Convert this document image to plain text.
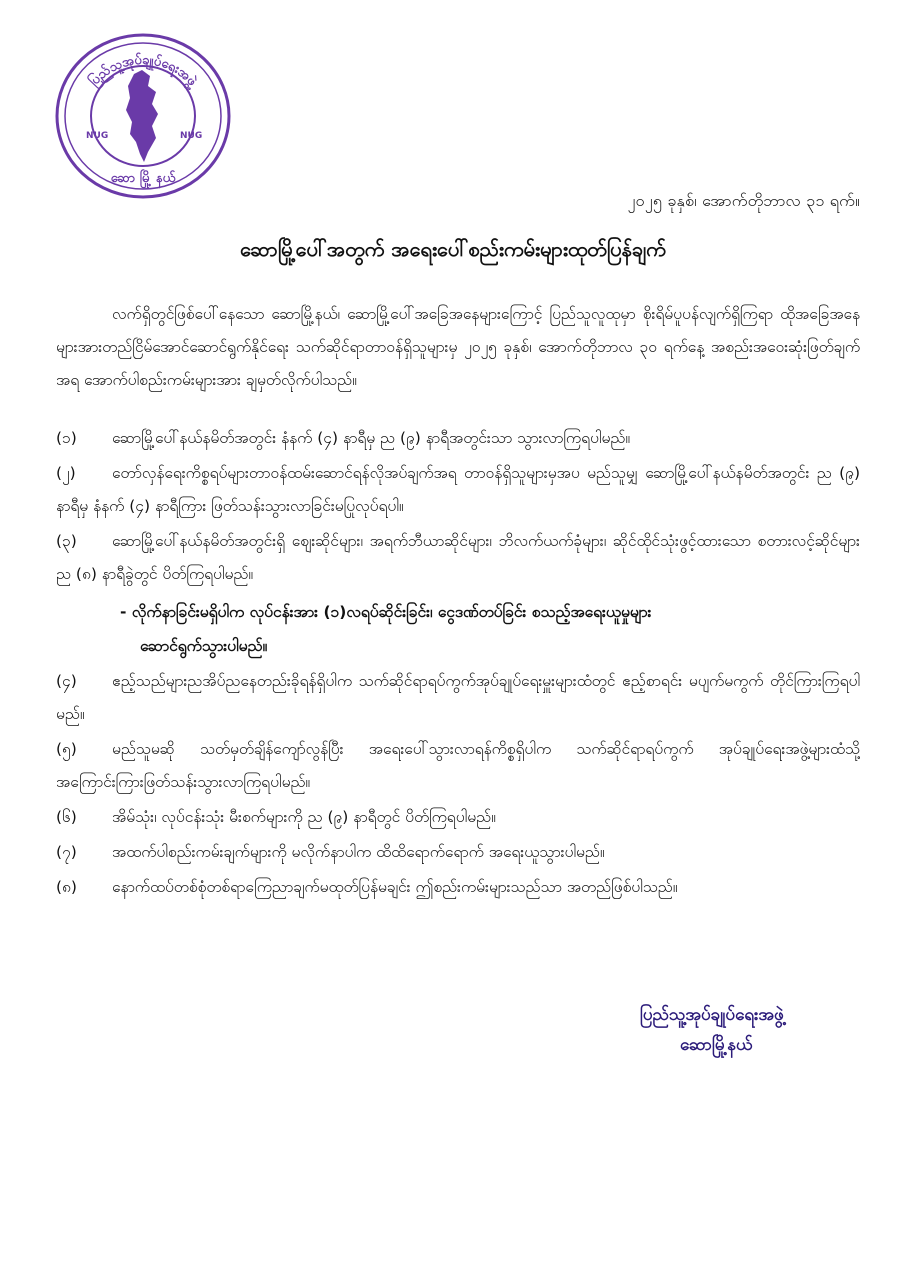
ပြည်သူ့အုပ်ချုပ်ရေးအဖွဲ့
NUG	NUG
ဆော မြို့ နယ်
၂၀၂၅ ခုနှစ်၊ အောက်တိုဘာလ ၃၁ ရက်။
ဆောမြို့ပေါ်အတွက် အရေးပေါ်စည်းကမ်းများထုတ်ပြန်ချက်

လက်ရှိတွင်ဖြစ်ပေါ်နေသော ဆောမြို့နယ်၊ ဆောမြို့ပေါ်အခြေအနေများကြောင့် ပြည်သူလူထုမှာ စိုးရိမ်ပူပန်လျက်ရှိကြရာ ထိုအခြေအနေများအားတည်ငြိမ်အောင်ဆောင်ရွက်နိုင်ရေး သက်ဆိုင်ရာတာဝန်ရှိသူများမှ ၂၀၂၅ ခုနှစ်၊ အောက်တိုဘာလ ၃၀ ရက်နေ့ အစည်းအဝေးဆုံးဖြတ်ချက်အရ အောက်ပါစည်းကမ်းများအား ချမှတ်လိုက်ပါသည်။

(၁) ဆောမြို့ပေါ်နယ်နမိတ်အတွင်း နံနက် (၄) နာရီမှ ည (၉) နာရီအတွင်းသာ သွားလာကြရပါမည်။
(၂) တော်လှန်ရေးကိစ္စရပ်များတာဝန်ထမ်းဆောင်ရန်လိုအပ်ချက်အရ တာဝန်ရှိသူများမှအပ မည်သူမျှ ဆောမြို့ပေါ်နယ်နမိတ်အတွင်း ည (၉) နာရီမှ နံနက် (၄) နာရီကြား ဖြတ်သန်းသွားလာခြင်းမပြုလုပ်ရပါ။
(၃) ဆောမြို့ပေါ်နယ်နမိတ်အတွင်းရှိ စျေးဆိုင်များ၊ အရက်ဘီယာဆိုင်များ၊ ဘိလက်ယက်ခုံများ၊ ဆိုင်ထိုင်သုံးဖွင့်ထားသော စတားလင့်ဆိုင်များ ည (၈) နာရီခွဲတွင် ပိတ်ကြရပါမည်။
- လိုက်နာခြင်းမရှိပါက လုပ်ငန်းအား (၁)လရပ်ဆိုင်းခြင်း၊ ငွေဒဏ်တပ်ခြင်း စသည့်အရေးယူမှုများ
ဆောင်ရွက်သွားပါမည်။
(၄) ဧည့်သည်များညအိပ်ညနေတည်းခိုရန်ရှိပါက သက်ဆိုင်ရာရပ်ကွက်အုပ်ချုပ်ရေးမှူးများထံတွင် ဧည့်စာရင်း မပျက်မကွက် တိုင်ကြားကြရပါမည်။
(၅) မည်သူမဆို သတ်မှတ်ချိန်ကျော်လွန်ပြီး အရေးပေါ်သွားလာရန်ကိစ္စရှိပါက သက်ဆိုင်ရာရပ်ကွက် အုပ်ချုပ်ရေးအဖွဲ့များထံသို့ အကြောင်းကြားဖြတ်သန်းသွားလာကြရပါမည်။
(၆) အိမ်သုံး၊ လုပ်ငန်းသုံး မီးစက်များကို ည (၉) နာရီတွင် ပိတ်ကြရပါမည်။
(၇) အထက်ပါစည်းကမ်းချက်များကို မလိုက်နာပါက ထိထိရောက်ရောက် အရေးယူသွားပါမည်။
(၈) နောက်ထပ်တစ်စုံတစ်ရာကြေညာချက်မထုတ်ပြန်မချင်း ဤစည်းကမ်းများသည်သာ အတည်ဖြစ်ပါသည်။
ပြည်သူ့အုပ်ချုပ်ရေးအဖွဲ့
ဆောမြို့နယ်
